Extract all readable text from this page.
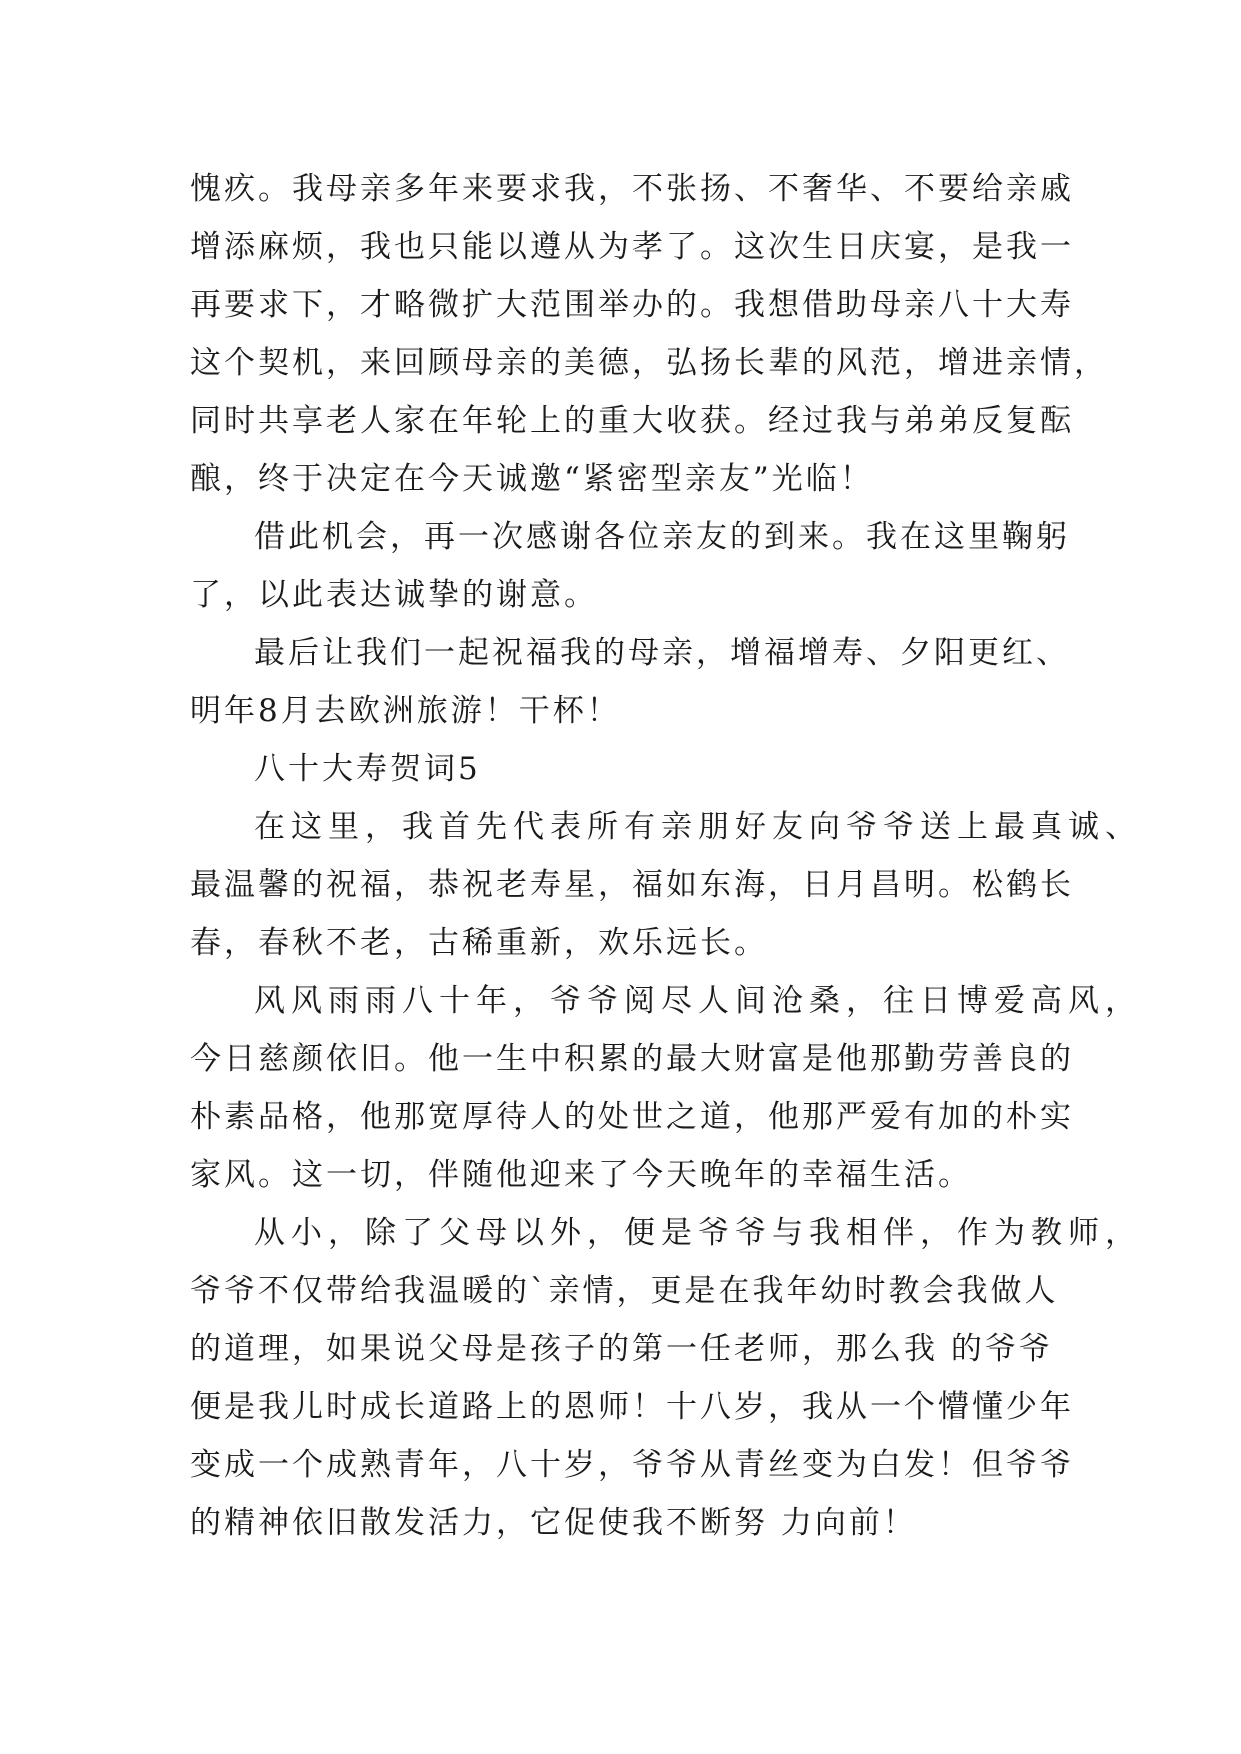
愧疚。我母亲多年来要求我，不张扬、不奢华、不要给亲戚
增添麻烦，我也只能以遵从为孝了。这次生日庆宴，是我一
再要求下，才略微扩大范围举办的。我想借助母亲八十大寿
这个契机，来回顾母亲的美德，弘扬长辈的风范，增进亲情，
同时共享老人家在年轮上的重大收获。经过我与弟弟反复酝
酿，终于决定在今天诚邀“紧密型亲友”光临！
借此机会，再一次感谢各位亲友的到来。我在这里鞠躬
了，以此表达诚挚的谢意。
最后让我们一起祝福我的母亲，增福增寿、夕阳更红、
明年8月去欧洲旅游！干杯！
八十大寿贺词5
在这里，我首先代表所有亲朋好友向爷爷送上最真诚、
最温馨的祝福，恭祝老寿星，福如东海，日月昌明。松鹤长
春，春秋不老，古稀重新，欢乐远长。
风风雨雨八十年，爷爷阅尽人间沧桑，往日博爱高风，
今日慈颜依旧。他一生中积累的最大财富是他那勤劳善良的
朴素品格，他那宽厚待人的处世之道，他那严爱有加的朴实
家风。这一切，伴随他迎来了今天晚年的幸福生活。
从小，除了父母以外，便是爷爷与我相伴，作为教师，
爷爷不仅带给我温暖的`亲情，更是在我年幼时教会我做人
的道理，如果说父母是孩子的第一任老师，那么我 的爷爷
便是我儿时成长道路上的恩师！十八岁，我从一个懵懂少年
变成一个成熟青年，八十岁，爷爷从青丝变为白发！但爷爷
的精神依旧散发活力，它促使我不断努 力向前！
